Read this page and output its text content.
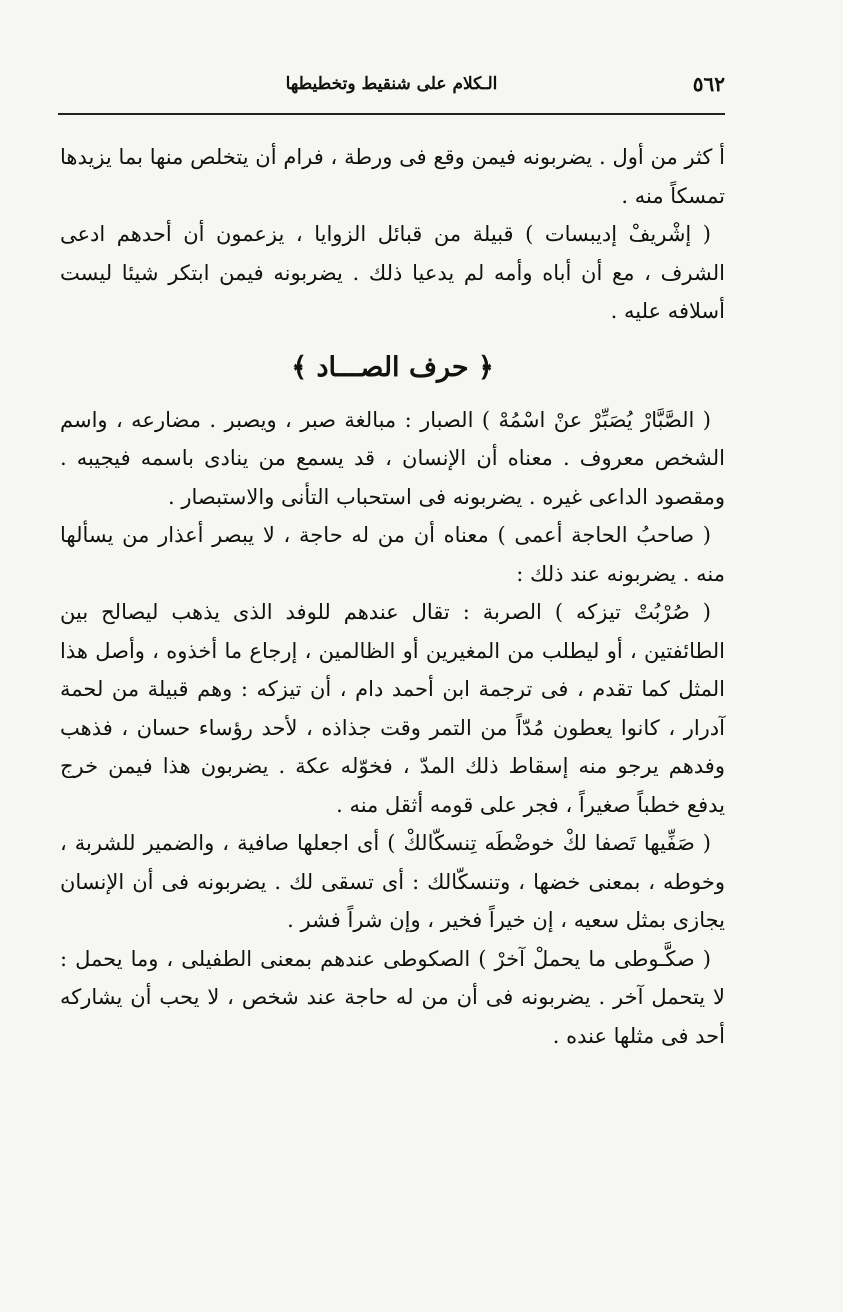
٥٦٢
الـكلام على شنقيط وتخطيطها

أ كثر من أول . يضربونه فيمن وقع فى ورطة ، فرام أن يتخلص منها بما يزيدها تمسكاً منه .

( إشْريفْ إديبسات ) قبيلة من قبائل الزوايا ، يزعمون أن أحدهم ادعى الشرف ، مع أن أباه وأمه لم يدعيا ذلك . يضربونه فيمن ابتكر شيئا ليست أسلافه عليه .

﴿ حرف الصـــاد ﴾

( الصَّبَّارْ يُصَبِّرْ عنْ اسْمُهْ ) الصبار : مبالغة صبر ، ويصبر . مضارعه ، واسم الشخص معروف . معناه أن الإنسان ، قد يسمع من ينادى باسمه فيجيبه . ومقصود الداعى غيره . يضربونه فى استحباب التأنى والاستبصار .

( صاحبُ الحاجة أعمى ) معناه أن من له حاجة ، لا يبصر أعذار من يسألها منه . يضربونه عند ذلك :

( صُرْبُتْ تيزكه ) الصربة : تقال عندهم للوفد الذى يذهب ليصالح بين الطائفتين ، أو ليطلب من المغيرين أو الظالمين ، إرجاع ما أخذوه ، وأصل هذا المثل كما تقدم ، فى ترجمة ابن أحمد دام ، أن تيزكه : وهم قبيلة من لحمة آدرار ، كانوا يعطون مُدّاً من التمر وقت جذاذه ، لأحد رؤساء حسان ، فذهب وفدهم يرجو منه إسقاط ذلك المدّ ، فخوّله عكة . يضربون هذا فيمن خرج يدفع خطباً صغيراً ، فجر على قومه أثقل منه .

( صَفِّيها تَصفا لكْ خوضْطَه تِنسكّالكْ ) أى اجعلها صافية ، والضمير للشربة ، وخوطه ، بمعنى خضها ، وتنسكّالك : أى تسقى لك . يضربونه فى أن الإنسان يجازى بمثل سعيه ، إن خيراً فخير ، وإن شراً فشر .

( صكَّـوطى ما يحملْ آخرْ ) الصكوطى عندهم بمعنى الطفيلى ، وما يحمل : لا يتحمل آخر . يضربونه فى أن من له حاجة عند شخص ، لا يحب أن يشاركه أحد فى مثلها عنده .
